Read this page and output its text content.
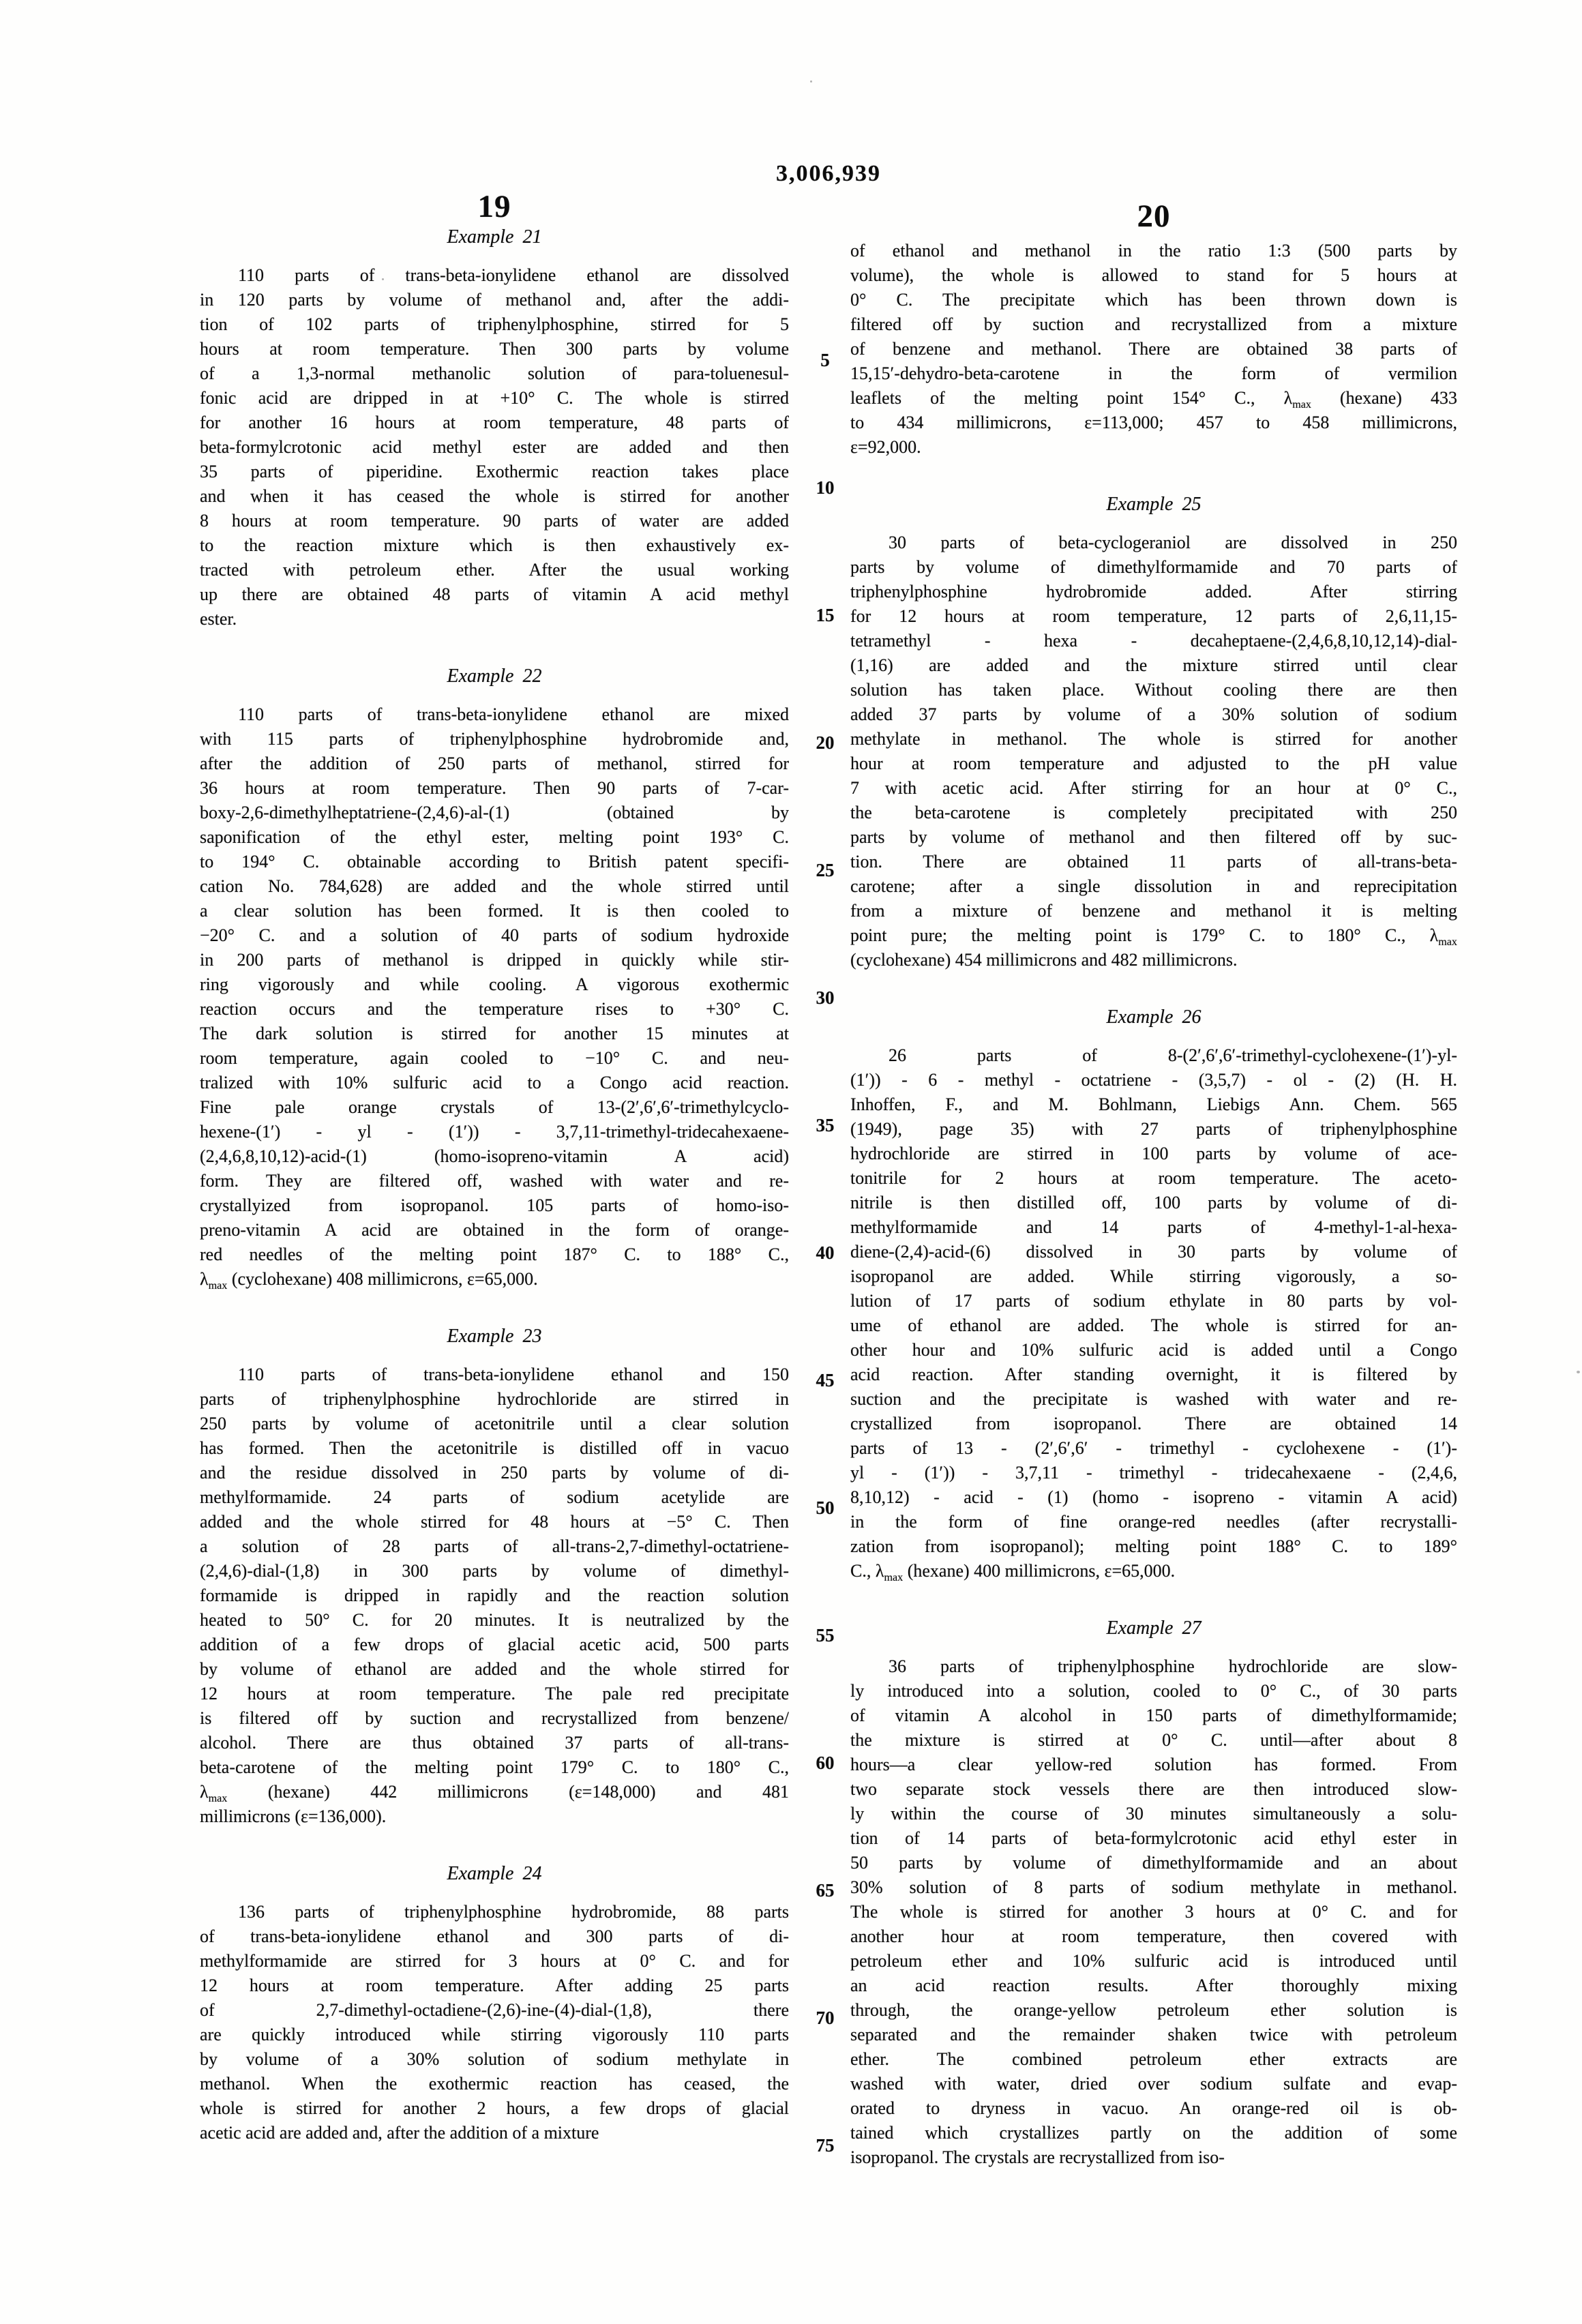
3,006,939
19	20
5
10
15
20
25
30
35
40
45
50
55
60
65
70
75
Example 21
110 parts of trans-beta-ionylidene ethanol are dissolved
in 120 parts by volume of methanol and, after the addi-
tion of 102 parts of triphenylphosphine, stirred for 5
hours at room temperature. Then 300 parts by volume
of a 1,3-normal methanolic solution of para-toluenesul-
fonic acid are dripped in at +10° C. The whole is stirred
for another 16 hours at room temperature, 48 parts of
beta-formylcrotonic acid methyl ester are added and then
35 parts of piperidine. Exothermic reaction takes place
and when it has ceased the whole is stirred for another
8 hours at room temperature. 90 parts of water are added
to the reaction mixture which is then exhaustively ex-
tracted with petroleum ether. After the usual working
up there are obtained 48 parts of vitamin A acid methyl
ester.
Example 22
110 parts of trans-beta-ionylidene ethanol are mixed
with 115 parts of triphenylphosphine hydrobromide and,
after the addition of 250 parts of methanol, stirred for
36 hours at room temperature. Then 90 parts of 7-car-
boxy-2,6-dimethylheptatriene-(2,4,6)-al-(1) (obtained by
saponification of the ethyl ester, melting point 193° C.
to 194° C. obtainable according to British patent specifi-
cation No. 784,628) are added and the whole stirred until
a clear solution has been formed. It is then cooled to
−20° C. and a solution of 40 parts of sodium hydroxide
in 200 parts of methanol is dripped in quickly while stir-
ring vigorously and while cooling. A vigorous exothermic
reaction occurs and the temperature rises to +30° C.
The dark solution is stirred for another 15 minutes at
room temperature, again cooled to −10° C. and neu-
tralized with 10% sulfuric acid to a Congo acid reaction.
Fine pale orange crystals of 13-(2′,6′,6′-trimethylcyclo-
hexene-(1′) - yl - (1′)) - 3,7,11-trimethyl-tridecahexaene-
(2,4,6,8,10,12)-acid-(1) (homo-isopreno-vitamin A acid)
form. They are filtered off, washed with water and re-
crystallyized from isopropanol. 105 parts of homo-iso-
preno-vitamin A acid are obtained in the form of orange-
red needles of the melting point 187° C. to 188° C.,
$\lambda_{max}$ (cyclohexane) 408 millimicrons, ε=65,000.
Example 23
110 parts of trans-beta-ionylidene ethanol and 150
parts of triphenylphosphine hydrochloride are stirred in
250 parts by volume of acetonitrile until a clear solution
has formed. Then the acetonitrile is distilled off in vacuo
and the residue dissolved in 250 parts by volume of di-
methylformamide. 24 parts of sodium acetylide are
added and the whole stirred for 48 hours at −5° C. Then
a solution of 28 parts of all-trans-2,7-dimethyl-octatriene-
(2,4,6)-dial-(1,8) in 300 parts by volume of dimethyl-
formamide is dripped in rapidly and the reaction solution
heated to 50° C. for 20 minutes. It is neutralized by the
addition of a few drops of glacial acetic acid, 500 parts
by volume of ethanol are added and the whole stirred for
12 hours at room temperature. The pale red precipitate
is filtered off by suction and recrystallized from benzene/
alcohol. There are thus obtained 37 parts of all-trans-
beta-carotene of the melting point 179° C. to 180° C.,
$\lambda_{max}$ (hexane) 442 millimicrons (ε=148,000) and 481
millimicrons (ε=136,000).
Example 24
136 parts of triphenylphosphine hydrobromide, 88 parts
of trans-beta-ionylidene ethanol and 300 parts of di-
methylformamide are stirred for 3 hours at 0° C. and for
12 hours at room temperature. After adding 25 parts
of 2,7-dimethyl-octadiene-(2,6)-ine-(4)-dial-(1,8), there
are quickly introduced while stirring vigorously 110 parts
by volume of a 30% solution of sodium methylate in
methanol. When the exothermic reaction has ceased, the
whole is stirred for another 2 hours, a few drops of glacial
acetic acid are added and, after the addition of a mixture
of ethanol and methanol in the ratio 1:3 (500 parts by
volume), the whole is allowed to stand for 5 hours at
0° C. The precipitate which has been thrown down is
filtered off by suction and recrystallized from a mixture
of benzene and methanol. There are obtained 38 parts of
15,15′-dehydro-beta-carotene in the form of vermilion
leaflets of the melting point 154° C., $\lambda_{max}$ (hexane) 433
to 434 millimicrons, ε=113,000; 457 to 458 millimicrons,
ε=92,000.
Example 25
30 parts of beta-cyclogeraniol are dissolved in 250
parts by volume of dimethylformamide and 70 parts of
triphenylphosphine hydrobromide added. After stirring
for 12 hours at room temperature, 12 parts of 2,6,11,15-
tetramethyl - hexa - decaheptaene-(2,4,6,8,10,12,14)-dial-
(1,16) are added and the mixture stirred until clear
solution has taken place. Without cooling there are then
added 37 parts by volume of a 30% solution of sodium
methylate in methanol. The whole is stirred for another
hour at room temperature and adjusted to the pH value
7 with acetic acid. After stirring for an hour at 0° C.,
the beta-carotene is completely precipitated with 250
parts by volume of methanol and then filtered off by suc-
tion. There are obtained 11 parts of all-trans-beta-
carotene; after a single dissolution in and reprecipitation
from a mixture of benzene and methanol it is melting
point pure; the melting point is 179° C. to 180° C., $\lambda_{max}$
(cyclohexane) 454 millimicrons and 482 millimicrons.
Example 26
26 parts of 8-(2′,6′,6′-trimethyl-cyclohexene-(1′)-yl-
(1′)) - 6 - methyl - octatriene - (3,5,7) - ol - (2) (H. H.
Inhoffen, F., and M. Bohlmann, Liebigs Ann. Chem. 565
(1949), page 35) with 27 parts of triphenylphosphine
hydrochloride are stirred in 100 parts by volume of ace-
tonitrile for 2 hours at room temperature. The aceto-
nitrile is then distilled off, 100 parts by volume of di-
methylformamide and 14 parts of 4-methyl-1-al-hexa-
diene-(2,4)-acid-(6) dissolved in 30 parts by volume of
isopropanol are added. While stirring vigorously, a so-
lution of 17 parts of sodium ethylate in 80 parts by vol-
ume of ethanol are added. The whole is stirred for an-
other hour and 10% sulfuric acid is added until a Congo
acid reaction. After standing overnight, it is filtered by
suction and the precipitate is washed with water and re-
crystallized from isopropanol. There are obtained 14
parts of 13 - (2′,6′,6′ - trimethyl - cyclohexene - (1′)-
yl - (1′)) - 3,7,11 - trimethyl - tridecahexaene - (2,4,6,
8,10,12) - acid - (1) (homo - isopreno - vitamin A acid)
in the form of fine orange-red needles (after recrystalli-
zation from isopropanol); melting point 188° C. to 189°
C., $\lambda_{max}$ (hexane) 400 millimicrons, ε=65,000.
Example 27
36 parts of triphenylphosphine hydrochloride are slow-
ly introduced into a solution, cooled to 0° C., of 30 parts
of vitamin A alcohol in 150 parts of dimethylformamide;
the mixture is stirred at 0° C. until—after about 8
hours—a clear yellow-red solution has formed. From
two separate stock vessels there are then introduced slow-
ly within the course of 30 minutes simultaneously a solu-
tion of 14 parts of beta-formylcrotonic acid ethyl ester in
50 parts by volume of dimethylformamide and an about
30% solution of 8 parts of sodium methylate in methanol.
The whole is stirred for another 3 hours at 0° C. and for
another hour at room temperature, then covered with
petroleum ether and 10% sulfuric acid is introduced until
an acid reaction results. After thoroughly mixing
through, the orange-yellow petroleum ether solution is
separated and the remainder shaken twice with petroleum
ether. The combined petroleum ether extracts are
washed with water, dried over sodium sulfate and evap-
orated to dryness in vacuo. An orange-red oil is ob-
tained which crystallizes partly on the addition of some
isopropanol. The crystals are recrystallized from iso-
